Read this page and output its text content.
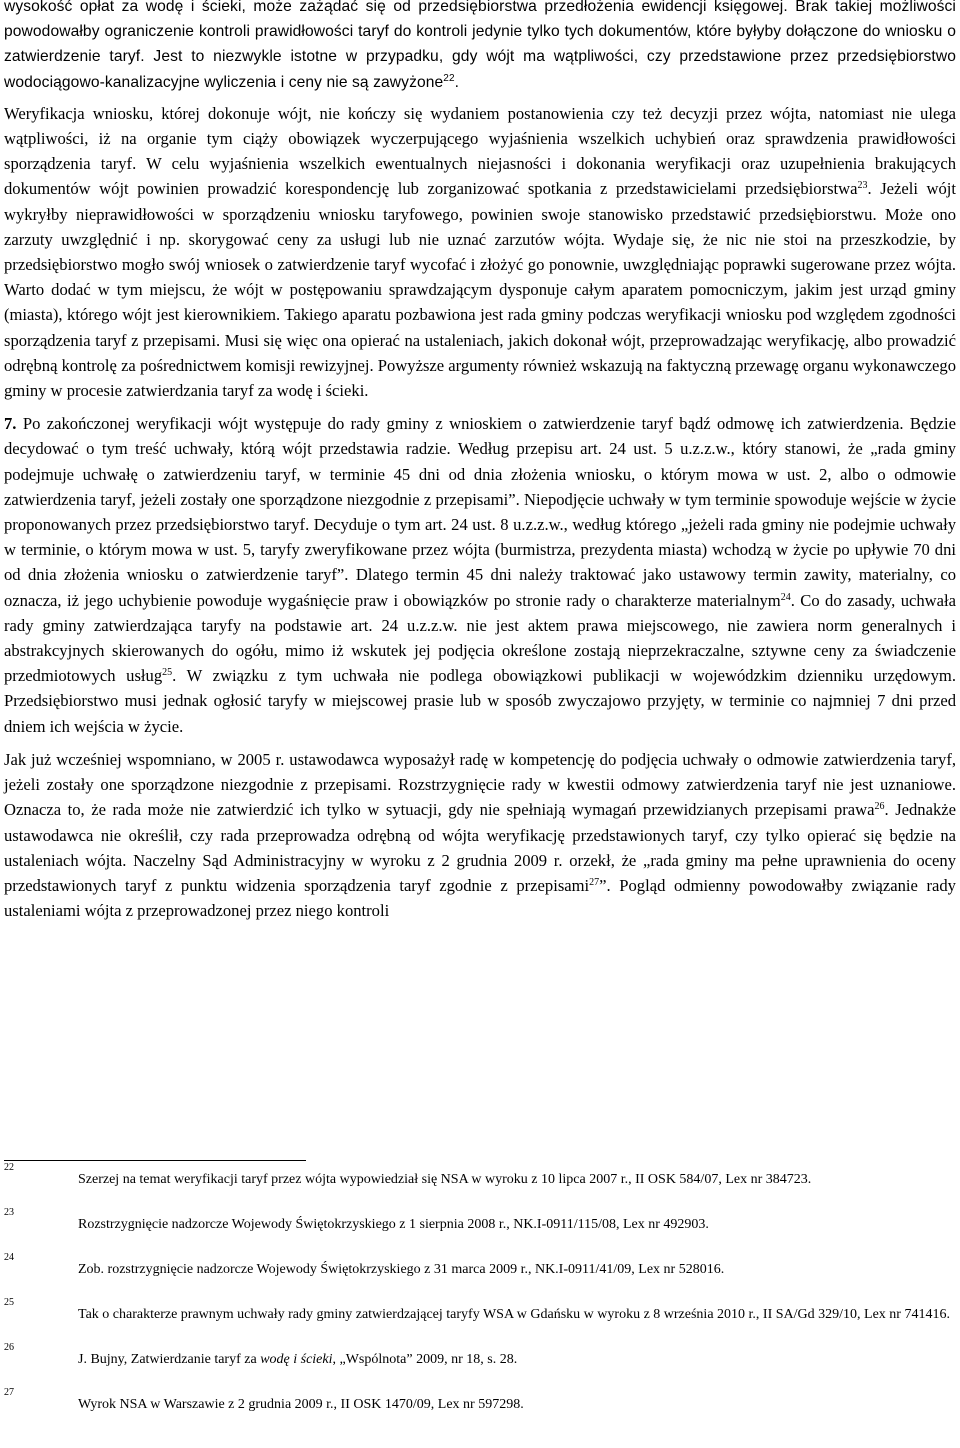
wysokość opłat za wodę i ścieki, może zażądać się od przedsiębiorstwa przedłożenia ewidencji księgowej. Brak takiej możliwości powodowałby ograniczenie kontroli prawidłowości taryf do kontroli jedynie tylko tych dokumentów, które byłyby dołączone do wniosku o zatwierdzenie taryf. Jest to niezwykle istotne w przypadku, gdy wójt ma wątpliwości, czy przedstawione przez przedsiębiorstwo wodociągowo-kanalizacyjne wyliczenia i ceny nie są zawyżone$^{22}$.

Weryfikacja wniosku, której dokonuje wójt, nie kończy się wydaniem postanowienia czy też decyzji przez wójta, natomiast nie ulega wątpliwości, iż na organie tym ciąży obowiązek wyczerpującego wyjaśnienia wszelkich uchybień oraz sprawdzenia prawidłowości sporządzenia taryf. W celu wyjaśnienia wszelkich ewentualnych niejasności i dokonania weryfikacji oraz uzupełnienia brakujących dokumentów wójt powinien prowadzić korespondencję lub zorganizować spotkania z przedstawicielami przedsiębiorstwa$^{23}$. Jeżeli wójt wykryłby nieprawidłowości w sporządzeniu wniosku taryfowego, powinien swoje stanowisko przedstawić przedsiębiorstwu. Może ono zarzuty uwzględnić i np. skorygować ceny za usługi lub nie uznać zarzutów wójta. Wydaje się, że nic nie stoi na przeszkodzie, by przedsiębiorstwo mogło swój wniosek o zatwierdzenie taryf wycofać i złożyć go ponownie, uwzględniając poprawki sugerowane przez wójta. Warto dodać w tym miejscu, że wójt w postępowaniu sprawdzającym dysponuje całym aparatem pomocniczym, jakim jest urząd gminy (miasta), którego wójt jest kierownikiem. Takiego aparatu pozbawiona jest rada gminy podczas weryfikacji wniosku pod względem zgodności sporządzenia taryf z przepisami. Musi się więc ona opierać na ustaleniach, jakich dokonał wójt, przeprowadzając weryfikację, albo prowadzić odrębną kontrolę za pośrednictwem komisji rewizyjnej. Powyższe argumenty również wskazują na faktyczną przewagę organu wykonawczego gminy w procesie zatwierdzania taryf za wodę i ścieki.

7. Po zakończonej weryfikacji wójt występuje do rady gminy z wnioskiem o zatwierdzenie taryf bądź odmowę ich zatwierdzenia. Będzie decydować o tym treść uchwały, którą wójt przedstawia radzie. Według przepisu art. 24 ust. 5 u.z.z.w., który stanowi, że „rada gminy podejmuje uchwałę o zatwierdzeniu taryf, w terminie 45 dni od dnia złożenia wniosku, o którym mowa w ust. 2, albo o odmowie zatwierdzenia taryf, jeżeli zostały one sporządzone niezgodnie z przepisami”. Niepodjęcie uchwały w tym terminie spowoduje wejście w życie proponowanych przez przedsiębiorstwo taryf. Decyduje o tym art. 24 ust. 8 u.z.z.w., według którego „jeżeli rada gminy nie podejmie uchwały w terminie, o którym mowa w ust. 5, taryfy zweryfikowane przez wójta (burmistrza, prezydenta miasta) wchodzą w życie po upływie 70 dni od dnia złożenia wniosku o zatwierdzenie taryf”. Dlatego termin 45 dni należy traktować jako ustawowy termin zawity, materialny, co oznacza, iż jego uchybienie powoduje wygaśnięcie praw i obowiązków po stronie rady o charakterze materialnym$^{24}$. Co do zasady, uchwała rady gminy zatwierdzająca taryfy na podstawie art. 24 u.z.z.w. nie jest aktem prawa miejscowego, nie zawiera norm generalnych i abstrakcyjnych skierowanych do ogółu, mimo iż wskutek jej podjęcia określone zostają nieprzekraczalne, sztywne ceny za świadczenie przedmiotowych usług$^{25}$. W związku z tym uchwała nie podlega obowiązkowi publikacji w wojewódzkim dzienniku urzędowym. Przedsiębiorstwo musi jednak ogłosić taryfy w miejscowej prasie lub w sposób zwyczajowo przyjęty, w terminie co najmniej 7 dni przed dniem ich wejścia w życie.

Jak już wcześniej wspomniano, w 2005 r. ustawodawca wyposażył radę w kompetencję do podjęcia uchwały o odmowie zatwierdzenia taryf, jeżeli zostały one sporządzone niezgodnie z przepisami. Rozstrzygnięcie rady w kwestii odmowy zatwierdzenia taryf nie jest uznaniowe. Oznacza to, że rada może nie zatwierdzić ich tylko w sytuacji, gdy nie spełniają wymagań przewidzianych przepisami prawa$^{26}$. Jednakże ustawodawca nie określił, czy rada przeprowadza odrębną od wójta weryfikację przedstawionych taryf, czy tylko opierać się będzie na ustaleniach wójta. Naczelny Sąd Administracyjny w wyroku z 2 grudnia 2009 r. orzekł, że „rada gminy ma pełne uprawnienia do oceny przedstawionych taryf z punktu widzenia sporządzenia taryf zgodnie z przepisami$^{27}$”. Pogląd odmienny powodowałby związanie rady ustaleniami wójta z przeprowadzonej przez niego kontroli

22
Szerzej na temat weryfikacji taryf przez wójta wypowiedział się NSA w wyroku z 10 lipca 2007 r., II OSK 584/07, Lex nr 384723.
23
Rozstrzygnięcie nadzorcze Wojewody Świętokrzyskiego z 1 sierpnia 2008 r., NK.I-0911/115/08, Lex nr 492903.
24
Zob. rozstrzygnięcie nadzorcze Wojewody Świętokrzyskiego z 31 marca 2009 r., NK.I-0911/41/09, Lex nr 528016.
25
Tak o charakterze prawnym uchwały rady gminy zatwierdzającej taryfy WSA w Gdańsku w wyroku z 8 września 2010 r., II SA/Gd 329/10, Lex nr 741416.
26
J. Bujny, Zatwierdzanie taryf za wodę i ścieki, „Wspólnota” 2009, nr 18, s. 28.
27
Wyrok NSA w Warszawie z 2 grudnia 2009 r., II OSK 1470/09, Lex nr 597298.
